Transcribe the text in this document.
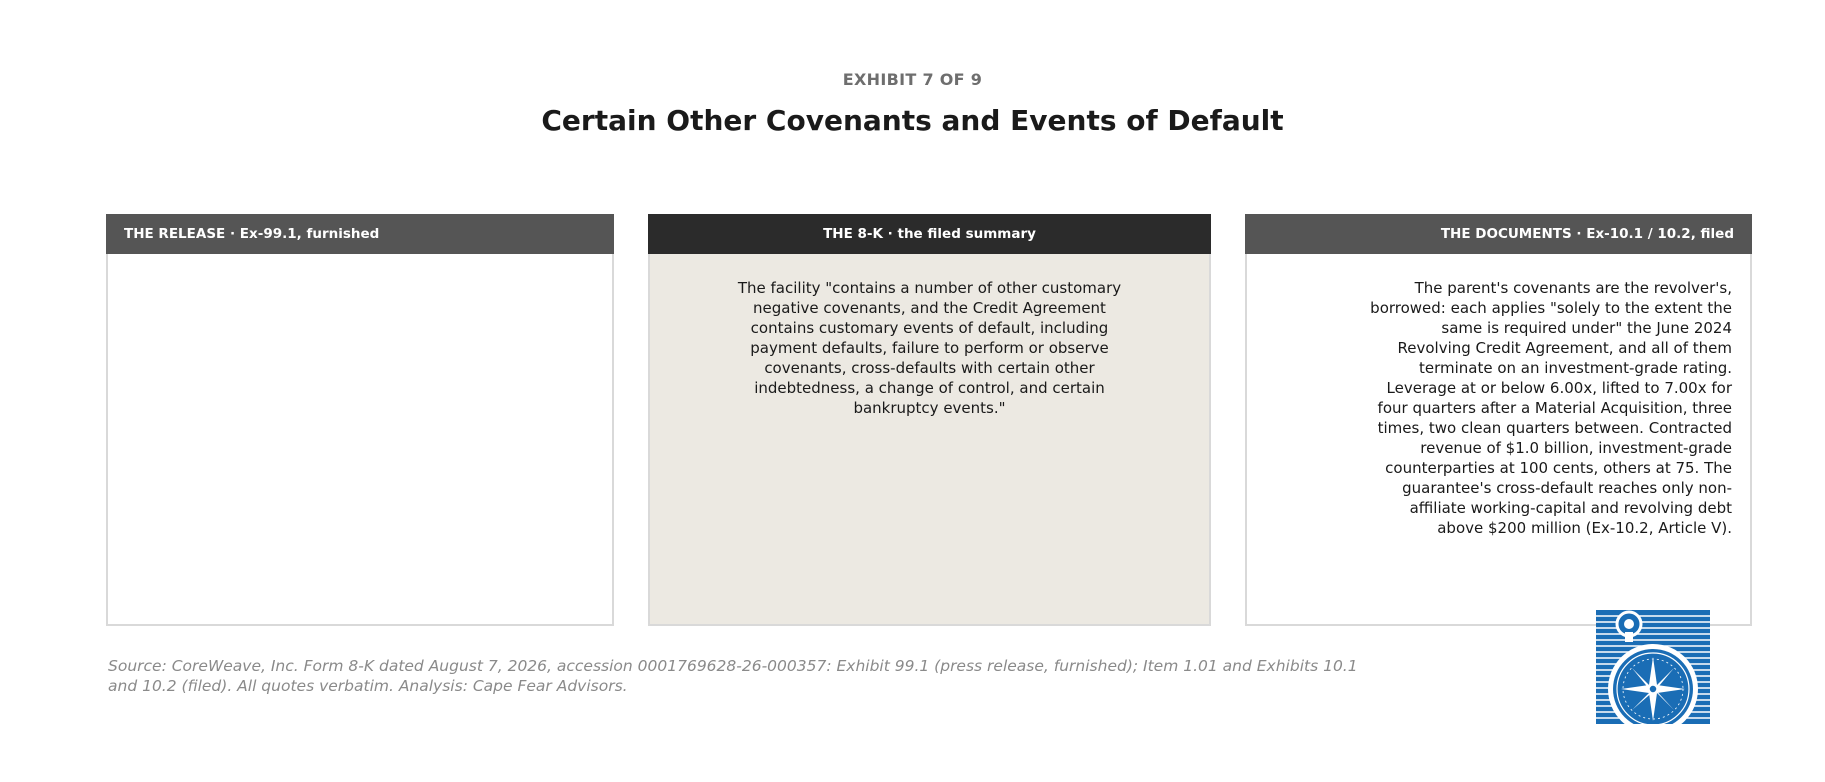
EXHIBIT 7 OF 9
Certain Other Covenants and Events of Default
THE RELEASE · Ex-99.1, furnished	THE 8-K · the filed summary
The facility "contains a number of other customary negative covenants, and the Credit Agreement contains customary events of default, including payment defaults, failure to perform or observe covenants, cross-defaults with certain other indebtedness, a change of control, and certain bankruptcy events."
THE DOCUMENTS · Ex-10.1 / 10.2, filed
The parent's covenants are the revolver's, borrowed: each applies "solely to the extent the same is required under" the June 2024 Revolving Credit Agreement, and all of them terminate on an investment-grade rating. Leverage at or below 6.00x, lifted to 7.00x for four quarters after a Material Acquisition, three times, two clean quarters between. Contracted revenue of $1.0 billion, investment-grade counterparties at 100 cents, others at 75. The guarantee's cross-default reaches only non-affiliate working-capital and revolving debt above $200 million (Ex-10.2, Article V).
Source: CoreWeave, Inc. Form 8-K dated August 7, 2026, accession 0001769628-26-000357: Exhibit 99.1 (press release, furnished); Item 1.01 and Exhibits 10.1 and 10.2 (filed). All quotes verbatim. Analysis: Cape Fear Advisors.
